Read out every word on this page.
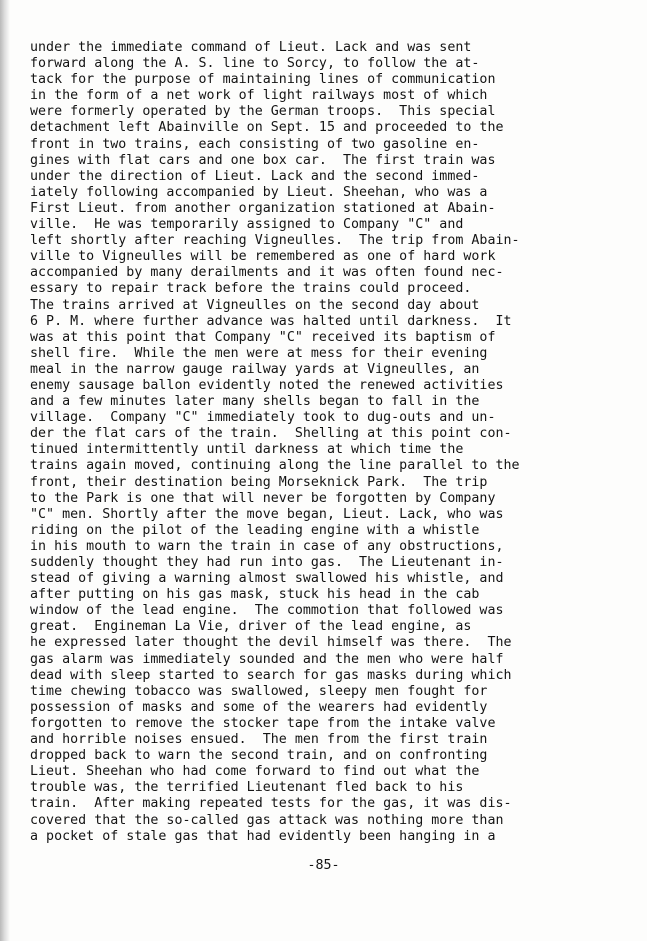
under the immediate command of Lieut. Lack and was sent
forward along the A. S. line to Sorcy, to follow the at-
tack for the purpose of maintaining lines of communication
in the form of a net work of light railways most of which
were formerly operated by the German troops.  This special
detachment left Abainville on Sept. 15 and proceeded to the
front in two trains, each consisting of two gasoline en-
gines with flat cars and one box car.  The first train was
under the direction of Lieut. Lack and the second immed-
iately following accompanied by Lieut. Sheehan, who was a
First Lieut. from another organization stationed at Abain-
ville.  He was temporarily assigned to Company "C" and
left shortly after reaching Vigneulles.  The trip from Abain-
ville to Vigneulles will be remembered as one of hard work
accompanied by many derailments and it was often found nec-
essary to repair track before the trains could proceed.
The trains arrived at Vigneulles on the second day about
6 P. M. where further advance was halted until darkness.  It
was at this point that Company "C" received its baptism of
shell fire.  While the men were at mess for their evening
meal in the narrow gauge railway yards at Vigneulles, an
enemy sausage ballon evidently noted the renewed activities
and a few minutes later many shells began to fall in the
village.  Company "C" immediately took to dug-outs and un-
der the flat cars of the train.  Shelling at this point con-
tinued intermittently until darkness at which time the
trains again moved, continuing along the line parallel to the
front, their destination being Morseknick Park.  The trip
to the Park is one that will never be forgotten by Company
"C" men. Shortly after the move began, Lieut. Lack, who was
riding on the pilot of the leading engine with a whistle
in his mouth to warn the train in case of any obstructions,
suddenly thought they had run into gas.  The Lieutenant in-
stead of giving a warning almost swallowed his whistle, and
after putting on his gas mask, stuck his head in the cab
window of the lead engine.  The commotion that followed was
great.  Engineman La Vie, driver of the lead engine, as
he expressed later thought the devil himself was there.  The
gas alarm was immediately sounded and the men who were half
dead with sleep started to search for gas masks during which
time chewing tobacco was swallowed, sleepy men fought for
possession of masks and some of the wearers had evidently
forgotten to remove the stocker tape from the intake valve
and horrible noises ensued.  The men from the first train
dropped back to warn the second train, and on confronting
Lieut. Sheehan who had come forward to find out what the
trouble was, the terrified Lieutenant fled back to his
train.  After making repeated tests for the gas, it was dis-
covered that the so-called gas attack was nothing more than
a pocket of stale gas that had evidently been hanging in a
-85-
